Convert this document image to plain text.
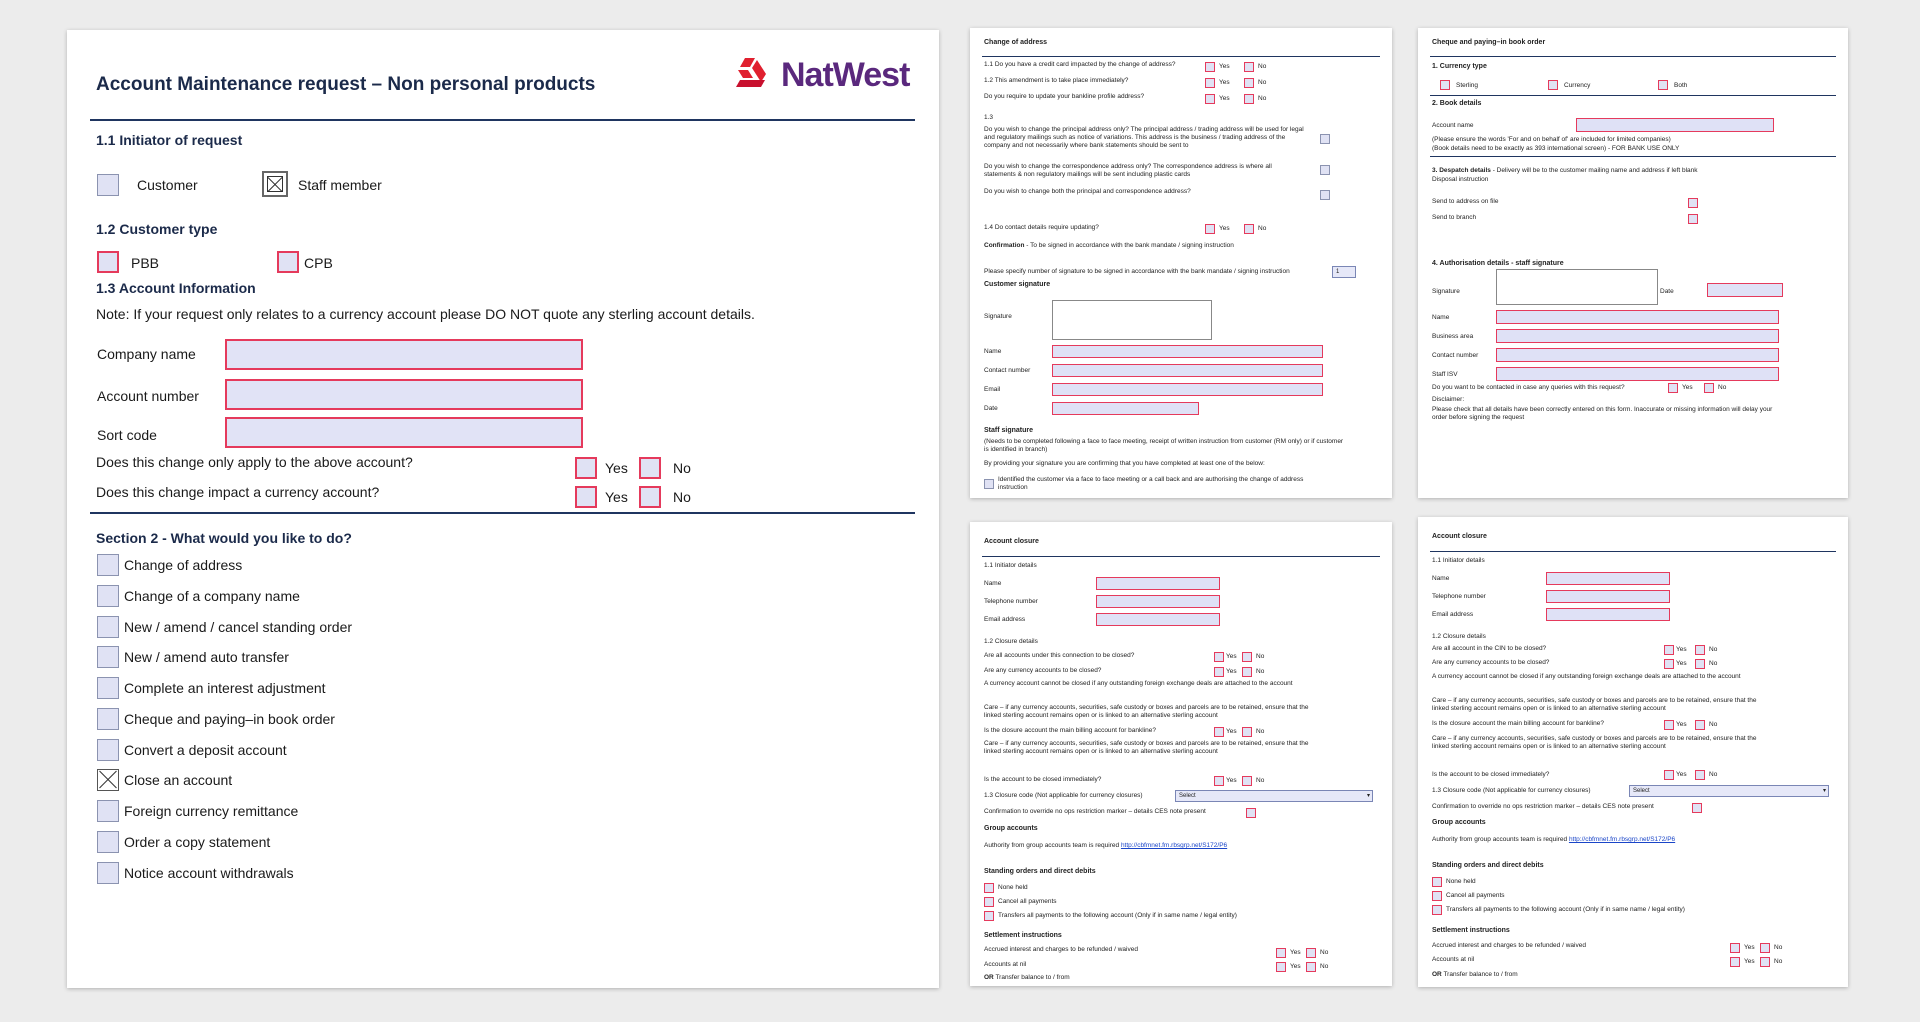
Account Maintenance request – Non personal products	NatWest
1.1 Initiator of request
Customer	Staff member
1.2 Customer type
PBB	CPB
1.3 Account Information
Note: If your request only relates to a currency account please DO NOT quote any sterling account details.
Company name
Account number
Sort code
Does this change only apply to the above account?	Yes	No
Does this change impact a currency account?	Yes	No
Section 2 - What would you like to do?
Change of address
Change of a company name
New / amend / cancel standing order
New / amend auto transfer
Complete an interest adjustment
Cheque and paying–in book order
Convert a deposit account
Close an account
Foreign currency remittance
Order a copy statement
Notice account withdrawals
Change of address
1.1 Do you have a credit card impacted by the change of address?	Yes	No
1.2 This amendment is to take place immediately?	Yes	No
Do you require to update your bankline profile address?	Yes	No
1.3
Do you wish to change the principal address only? The principal address / trading address will be used for legal and regulatory mailings such as notice of variations. This address is the business / trading address of the company and not necessarily where bank statements should be sent to
Do you wish to change the correspondence address only? The correspondence address is where all statements & non regulatory mailings will be sent including plastic cards
Do you wish to change both the principal and correspondence address?
1.4 Do contact details require updating?	Yes	No
Confirmation - To be signed in accordance with the bank mandate / signing instruction
Please specify number of signature to be signed in accordance with the bank mandate / signing instruction	1
Customer signature
Signature
Name
Contact number
Email
Date
Staff signature
(Needs to be completed following a face to face meeting, receipt of written instruction from customer (RM only) or if customer is identified in branch)
By providing your signature you are confirming that you have completed at least one of the below:
Identified the customer via a face to face meeting or a call back and are authorising the change of address instruction
Cheque and paying–in book order
1. Currency type
Sterling	Currency	Both
2. Book details
Account name
(Please ensure the words 'For and on behalf of' are included for limited companies)
(Book details need to be exactly as 393 international screen) - FOR BANK USE ONLY
3. Despatch details - Delivery will be to the customer mailing name and address if left blank
Disposal instruction
Send to address on file
Send to branch
4. Authorisation details - staff signature
Signature	Date
Name
Business area
Contact number
Staff ISV
Do you want to be contacted in case any queries with this request?	Yes	No
Disclaimer:
Please check that all details have been correctly entered on this form. Inaccurate or missing information will delay your order before signing the request
Account closure
1.1 Initiator details
Name
Telephone number
Email address
1.2 Closure details
Are all accounts under this connection to be closed?	Yes	No
Are any currency accounts to be closed?	Yes	No
A currency account cannot be closed if any outstanding foreign exchange deals are attached to the account
Care – if any currency accounts, securities, safe custody or boxes and parcels are to be retained, ensure that the linked sterling account remains open or is linked to an alternative sterling account
Is the closure account the main billing account for bankline?	Yes	No
Care – if any currency accounts, securities, safe custody or boxes and parcels are to be retained, ensure that the linked sterling account remains open or is linked to an alternative sterling account
Is the account to be closed immediately?	Yes	No
1.3 Closure code (Not applicable for currency closures)	Select	▾
Confirmation to override no ops restriction marker – details CES note present
Group accounts
Authority from group accounts team is required http://cbfmnet.fm.rbsgrp.net/S172/P6
Standing orders and direct debits
None held
Cancel all payments
Transfers all payments to the following account (Only if in same name / legal entity)
Settlement instructions
Accrued interest and charges to be refunded / waived	Yes	No
Accounts at nil	Yes	No
OR Transfer balance to / from
Account closure
1.1 Initiator details
Name
Telephone number
Email address
1.2 Closure details
Are all account in the CIN to be closed?	Yes	No
Are any currency accounts to be closed?	Yes	No
A currency account cannot be closed if any outstanding foreign exchange deals are attached to the account
Care – if any currency accounts, securities, safe custody or boxes and parcels are to be retained, ensure that the linked sterling account remains open or is linked to an alternative sterling account
Is the closure account the main billing account for bankline?	Yes	No
Care – if any currency accounts, securities, safe custody or boxes and parcels are to be retained, ensure that the linked sterling account remains open or is linked to an alternative sterling account
Is the account to be closed immediately?	Yes	No
1.3 Closure code (Not applicable for currency closures)	Select	▾
Confirmation to override no ops restriction marker – details CES note present
Group accounts
Authority from group accounts team is required http://cbfmnet.fm.rbsgrp.net/S172/P6
Standing orders and direct debits
None held
Cancel all payments
Transfers all payments to the following account (Only if in same name / legal entity)
Settlement instructions
Accrued interest and charges to be refunded / waived	Yes	No
Accounts at nil	Yes	No
OR Transfer balance to / from
